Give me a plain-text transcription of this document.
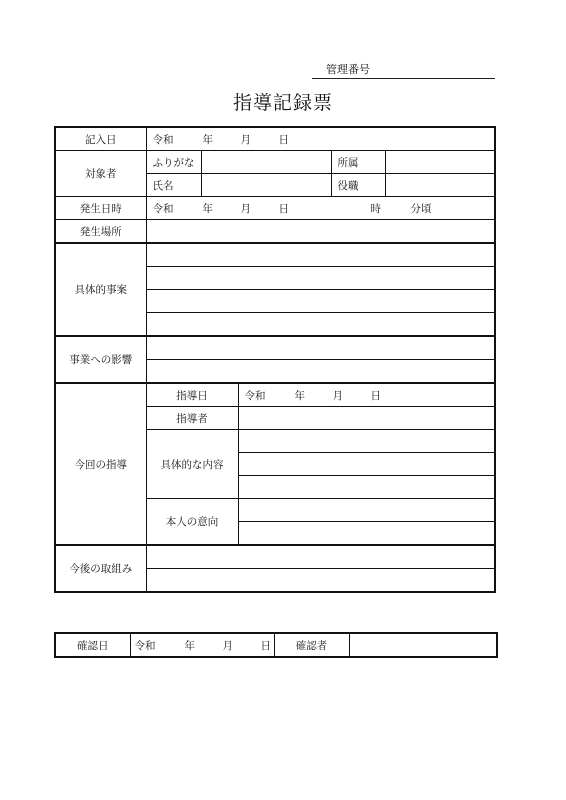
管理番号
指導記録票
記入日	令和 年 月 日				
対象者	ふりがな			所属	
	氏名			役職	
発生日時	令和 年 月 日 時 分頃				
発生場所					
具体的事案					

事業への影響					

今回の指導	指導日		令和 年 月 日		
	指導者				
	具体的な内容				

	本人の意向				

今後の取組み					

確認日	令和	年	月	日	確認者	
